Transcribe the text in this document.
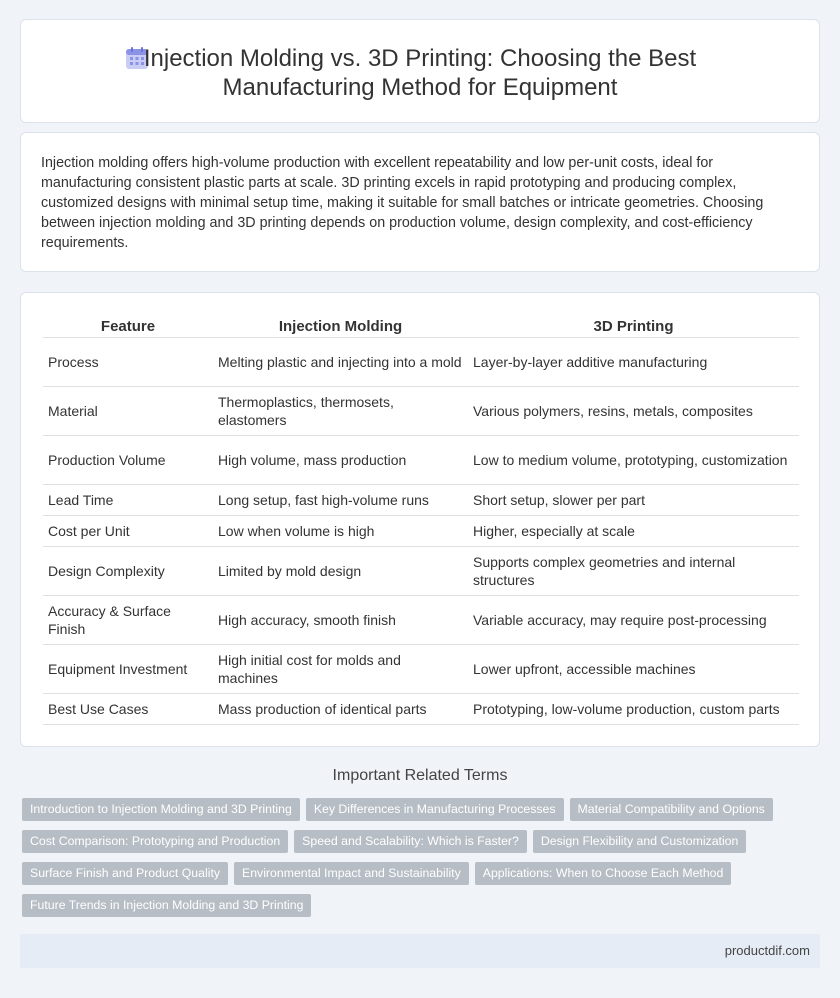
Injection Molding vs. 3D Printing: Choosing the Best Manufacturing Method for Equipment
Injection molding offers high-volume production with excellent repeatability and low per-unit costs, ideal for manufacturing consistent plastic parts at scale. 3D printing excels in rapid prototyping and producing complex, customized designs with minimal setup time, making it suitable for small batches or intricate geometries. Choosing between injection molding and 3D printing depends on production volume, design complexity, and cost-efficiency requirements.
Feature	Injection Molding	3D Printing
Process	Melting plastic and injecting into a mold	Layer-by-layer additive manufacturing
Material	Thermoplastics, thermosets, elastomers	Various polymers, resins, metals, composites
Production Volume	High volume, mass production	Low to medium volume, prototyping, customization
Lead Time	Long setup, fast high-volume runs	Short setup, slower per part
Cost per Unit	Low when volume is high	Higher, especially at scale
Design Complexity	Limited by mold design	Supports complex geometries and internal structures
Accuracy & Surface Finish	High accuracy, smooth finish	Variable accuracy, may require post-processing
Equipment Investment	High initial cost for molds and machines	Lower upfront, accessible machines
Best Use Cases	Mass production of identical parts	Prototyping, low-volume production, custom parts
Important Related Terms
Introduction to Injection Molding and 3D Printing Key Differences in Manufacturing Processes Material Compatibility and Options
Cost Comparison: Prototyping and Production Speed and Scalability: Which is Faster? Design Flexibility and Customization
Surface Finish and Product Quality Environmental Impact and Sustainability Applications: When to Choose Each Method
Future Trends in Injection Molding and 3D Printing
productdif.com
